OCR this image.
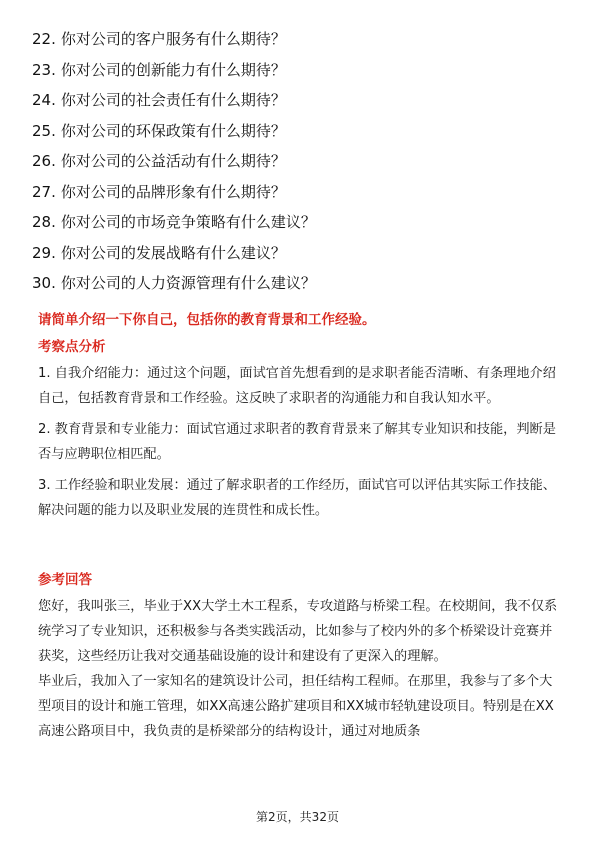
22. 你对公司的客户服务有什么期待？
23. 你对公司的创新能力有什么期待？
24. 你对公司的社会责任有什么期待？
25. 你对公司的环保政策有什么期待？
26. 你对公司的公益活动有什么期待？
27. 你对公司的品牌形象有什么期待？
28. 你对公司的市场竞争策略有什么建议？
29. 你对公司的发展战略有什么建议？
30. 你对公司的人力资源管理有什么建议？
请简单介绍一下你自己，包括你的教育背景和工作经验。
考察点分析

1. 自我介绍能力：通过这个问题，面试官首先想看到的是求职者能否清晰、有条理地介绍自己，包括教育背景和工作经验。这反映了求职者的沟通能力和自我认知水平。

2. 教育背景和专业能力：面试官通过求职者的教育背景来了解其专业知识和技能，判断是否与应聘职位相匹配。

3. 工作经验和职业发展：通过了解求职者的工作经历，面试官可以评估其实际工作技能、解决问题的能力以及职业发展的连贯性和成长性。

参考回答

您好，我叫张三，毕业于XX大学土木工程系，专攻道路与桥梁工程。在校期间，我不仅系统学习了专业知识，还积极参与各类实践活动，比如参与了校内外的多个桥梁设计竞赛并获奖，这些经历让我对交通基础设施的设计和建设有了更深入的理解。

毕业后，我加入了一家知名的建筑设计公司，担任结构工程师。在那里，我参与了多个大型项目的设计和施工管理，如XX高速公路扩建项目和XX城市轻轨建设项目。特别是在XX高速公路项目中，我负责的是桥梁部分的结构设计，通过对地质条

第2页，共32页
